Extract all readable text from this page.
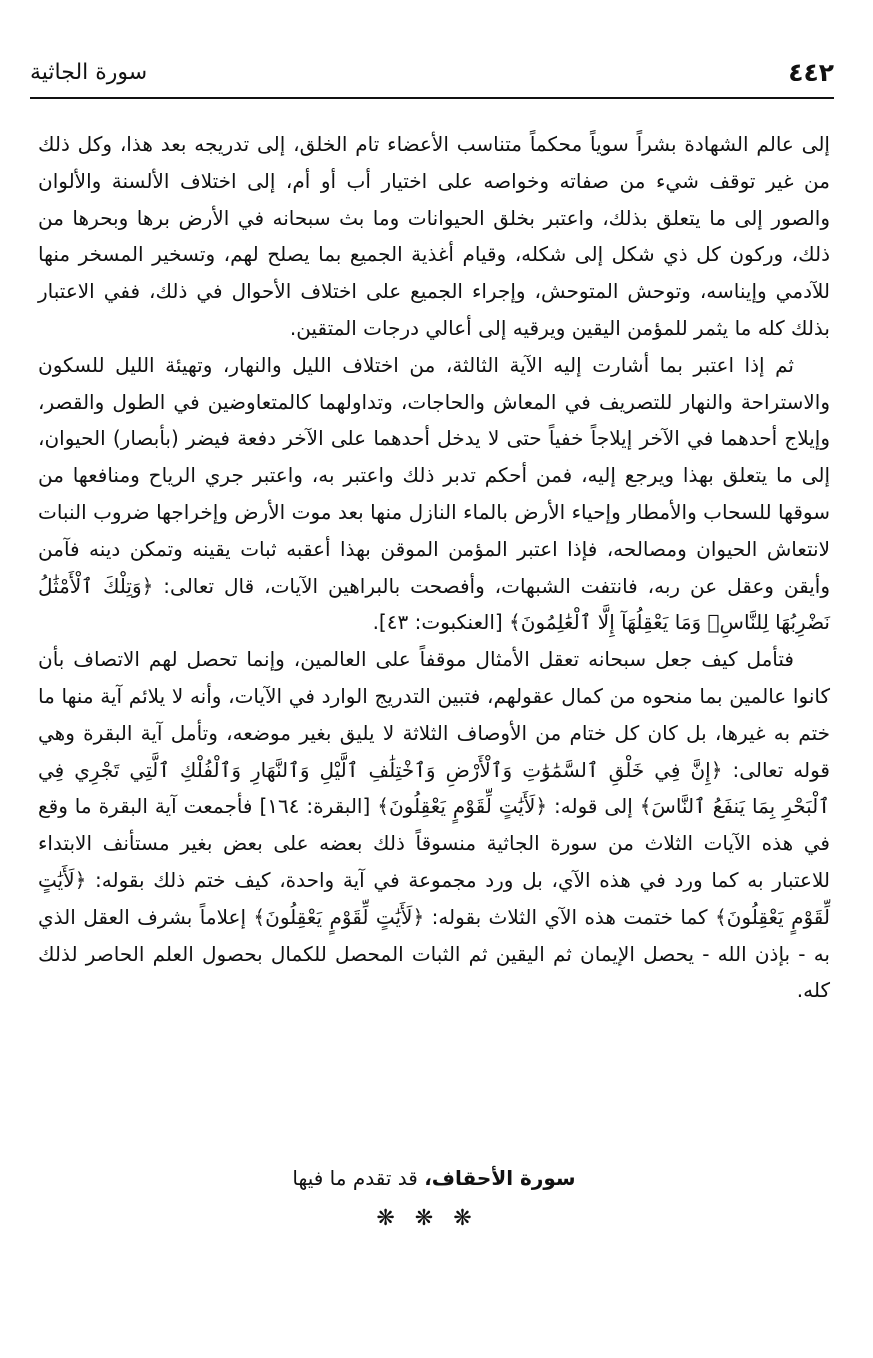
٤٤٢
سورة الجاثية

إلى عالم الشهادة بشراً سوياً محكماً متناسب الأعضاء تام الخلق، إلى تدريجه بعد هذا، وكل ذلك من غير توقف شيء من صفاته وخواصه على اختيار أب أو أم، إلى اختلاف الألسنة والألوان والصور إلى ما يتعلق بذلك، واعتبر بخلق الحيوانات وما بث سبحانه في الأرض برها وبحرها من ذلك، وركون كل ذي شكل إلى شكله، وقيام أغذية الجميع بما يصلح لهم، وتسخير المسخر منها للآدمي وإيناسه، وتوحش المتوحش، وإجراء الجميع على اختلاف الأحوال في ذلك، ففي الاعتبار بذلك كله ما يثمر للمؤمن اليقين ويرقيه إلى أعالي درجات المتقين.

ثم إذا اعتبر بما أشارت إليه الآية الثالثة، من اختلاف الليل والنهار، وتهيئة الليل للسكون والاستراحة والنهار للتصريف في المعاش والحاجات، وتداولهما كالمتعاوضين في الطول والقصر، وإيلاج أحدهما في الآخر إيلاجاً خفياً حتى لا يدخل أحدهما على الآخر دفعة فيضر (بأبصار) الحيوان، إلى ما يتعلق بهذا ويرجع إليه، فمن أحكم تدبر ذلك واعتبر به، واعتبر جري الرياح ومنافعها من سوقها للسحاب والأمطار وإحياء الأرض بالماء النازل منها بعد موت الأرض وإخراجها ضروب النبات لانتعاش الحيوان ومصالحه، فإذا اعتبر المؤمن الموقن بهذا أعقبه ثبات يقينه وتمكن دينه فآمن وأيقن وعقل عن ربه، فانتفت الشبهات، وأفصحت بالبراهين الآيات، قال تعالى: ﴿وَتِلْكَ ٱلْأَمْثَٰلُ نَضْرِبُهَا لِلنَّاسِۖ وَمَا يَعْقِلُهَآ إِلَّا ٱلْعَٰلِمُونَ﴾ [العنكبوت: ٤٣].

فتأمل كيف جعل سبحانه تعقل الأمثال موقفاً على العالمين، وإنما تحصل لهم الاتصاف بأن كانوا عالمين بما منحوه من كمال عقولهم، فتبين التدريج الوارد في الآيات، وأنه لا يلائم آية منها ما ختم به غيرها، بل كان كل ختام من الأوصاف الثلاثة لا يليق بغير موضعه، وتأمل آية البقرة وهي قوله تعالى: ﴿إِنَّ فِي خَلْقِ ٱلسَّمَٰوَٰتِ وَٱلْأَرْضِ وَٱخْتِلَٰفِ ٱلَّيْلِ وَٱلنَّهَارِ وَٱلْفُلْكِ ٱلَّتِي تَجْرِي فِي ٱلْبَحْرِ بِمَا يَنفَعُ ٱلنَّاسَ﴾ إلى قوله: ﴿لَأَيَٰتٍ لِّقَوْمٍ يَعْقِلُونَ﴾ [البقرة: ١٦٤] فأجمعت آية البقرة ما وقع في هذه الآيات الثلاث من سورة الجاثية منسوقاً ذلك بعضه على بعض بغير مستأنف الابتداء للاعتبار به كما ورد في هذه الآي، بل ورد مجموعة في آية واحدة، كيف ختم ذلك بقوله: ﴿لَأَيَٰتٍ لِّقَوْمٍ يَعْقِلُونَ﴾ كما ختمت هذه الآي الثلاث بقوله: ﴿لَأَيَٰتٍ لِّقَوْمٍ يَعْقِلُونَ﴾ إعلاماً بشرف العقل الذي به - بإذن الله - يحصل الإيمان ثم اليقين ثم الثبات المحصل للكمال بحصول العلم الحاصر لذلك كله.

سورة الأحقاف، قد تقدم ما فيها
❋❋❋
